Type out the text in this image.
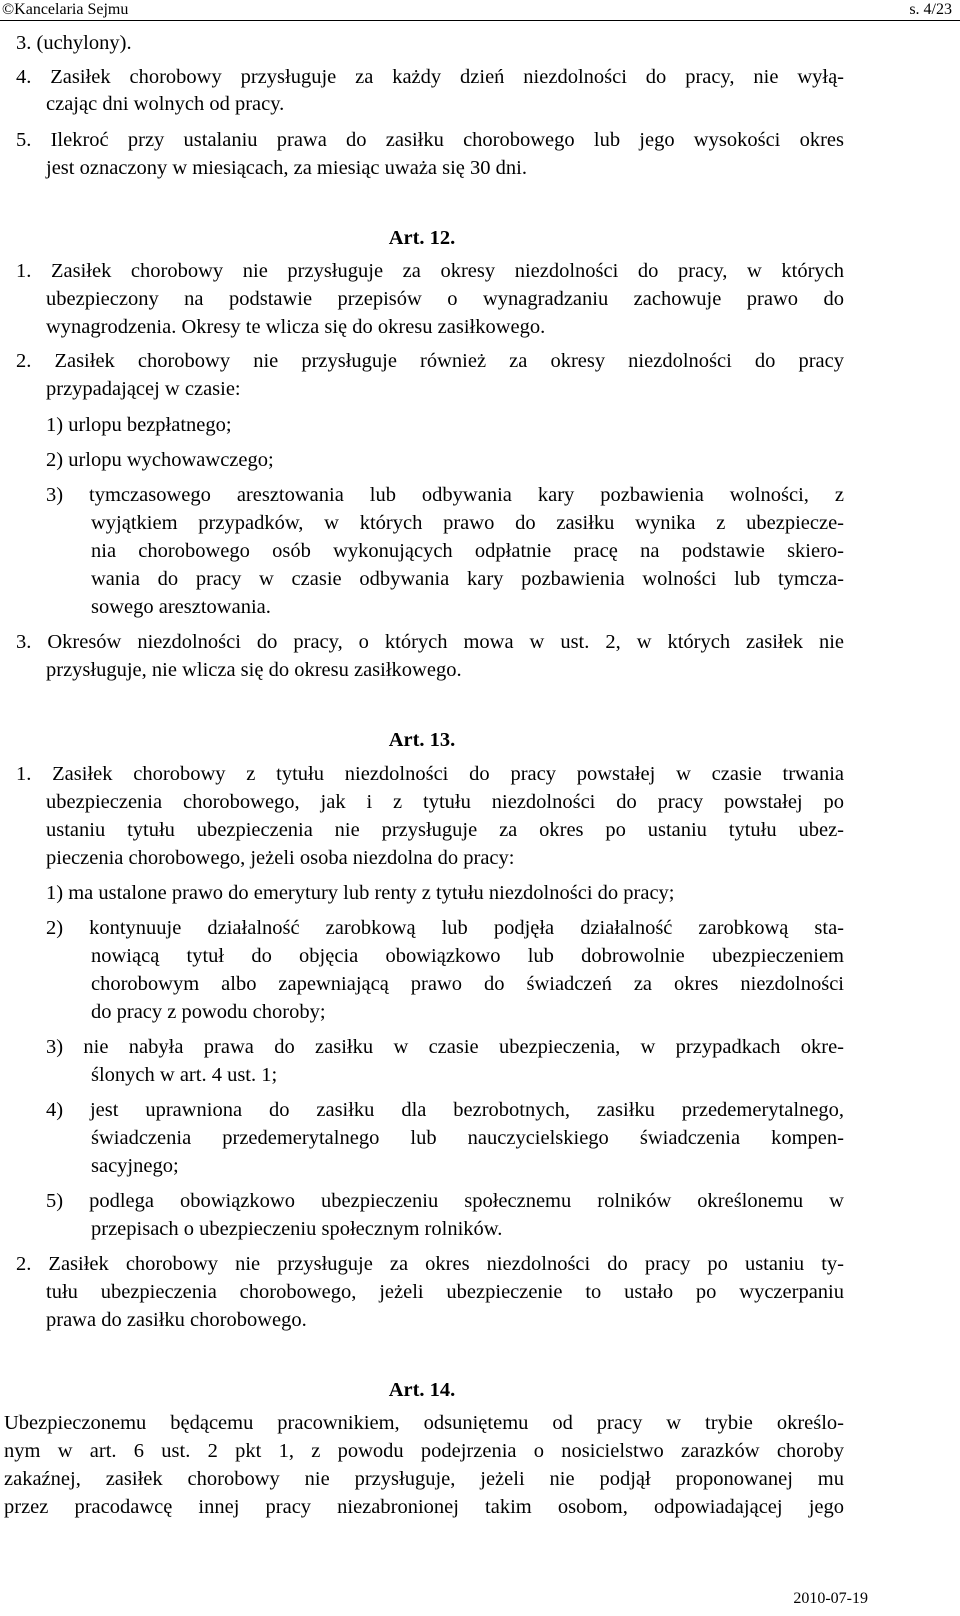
©Kancelaria Sejmu	s. 4/23
3. (uchylony).
4. Zasiłek chorobowy przysługuje za każdy dzień niezdolności do pracy, nie wyłą-
czając dni wolnych od pracy.
5. Ilekroć przy ustalaniu prawa do zasiłku chorobowego lub jego wysokości okres
jest oznaczony w miesiącach, za miesiąc uważa się 30 dni.
Art. 12.
1. Zasiłek chorobowy nie przysługuje za okresy niezdolności do pracy, w których
ubezpieczony na podstawie przepisów o wynagradzaniu zachowuje prawo do
wynagrodzenia. Okresy te wlicza się do okresu zasiłkowego.
2. Zasiłek chorobowy nie przysługuje również za okresy niezdolności do pracy
przypadającej w czasie:
1) urlopu bezpłatnego;
2) urlopu wychowawczego;
3) tymczasowego aresztowania lub odbywania kary pozbawienia wolności, z
wyjątkiem przypadków, w których prawo do zasiłku wynika z ubezpiecze-
nia chorobowego osób wykonujących odpłatnie pracę na podstawie skiero-
wania do pracy w czasie odbywania kary pozbawienia wolności lub tymcza-
sowego aresztowania.
3. Okresów niezdolności do pracy, o których mowa w ust. 2, w których zasiłek nie
przysługuje, nie wlicza się do okresu zasiłkowego.
Art. 13.
1. Zasiłek chorobowy z tytułu niezdolności do pracy powstałej w czasie trwania
ubezpieczenia chorobowego, jak i z tytułu niezdolności do pracy powstałej po
ustaniu tytułu ubezpieczenia nie przysługuje za okres po ustaniu tytułu ubez-
pieczenia chorobowego, jeżeli osoba niezdolna do pracy:
1) ma ustalone prawo do emerytury lub renty z tytułu niezdolności do pracy;
2) kontynuuje działalność zarobkową lub podjęła działalność zarobkową sta-
nowiącą tytuł do objęcia obowiązkowo lub dobrowolnie ubezpieczeniem
chorobowym albo zapewniającą prawo do świadczeń za okres niezdolności
do pracy z powodu choroby;
3) nie nabyła prawa do zasiłku w czasie ubezpieczenia, w przypadkach okre-
ślonych w art. 4 ust. 1;
4) jest uprawniona do zasiłku dla bezrobotnych, zasiłku przedemerytalnego,
świadczenia przedemerytalnego lub nauczycielskiego świadczenia kompen-
sacyjnego;
5) podlega obowiązkowo ubezpieczeniu społecznemu rolników określonemu w
przepisach o ubezpieczeniu społecznym rolników.
2. Zasiłek chorobowy nie przysługuje za okres niezdolności do pracy po ustaniu ty-
tułu ubezpieczenia chorobowego, jeżeli ubezpieczenie to ustało po wyczerpaniu
prawa do zasiłku chorobowego.
Art. 14.
Ubezpieczonemu będącemu pracownikiem, odsuniętemu od pracy w trybie określo-
nym w art. 6 ust. 2 pkt 1, z powodu podejrzenia o nosicielstwo zarazków choroby
zakaźnej, zasiłek chorobowy nie przysługuje, jeżeli nie podjął proponowanej mu
przez pracodawcę innej pracy niezabronionej takim osobom, odpowiadającej jego
2010-07-19
